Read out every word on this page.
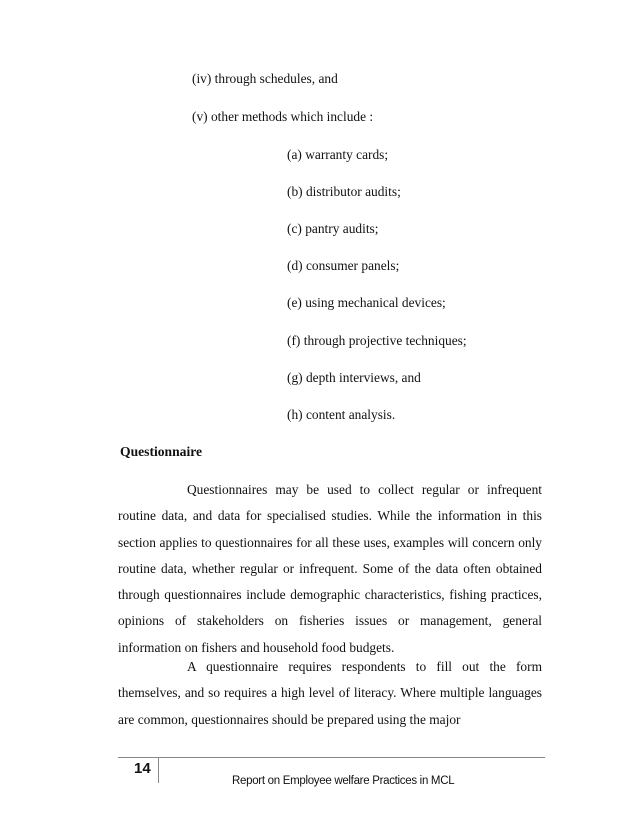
(iv) through schedules, and
(v) other methods which include :
(a) warranty cards;
(b) distributor audits;
(c) pantry audits;
(d) consumer panels;
(e) using mechanical devices;
(f) through projective techniques;
(g) depth interviews, and
(h) content analysis.
Questionnaire

Questionnaires may be used to collect regular or infrequent routine data, and data for specialised studies. While the information in this section applies to questionnaires for all these uses, examples will concern only routine data, whether regular or infrequent. Some of the data often obtained through questionnaires include demographic characteristics, fishing practices, opinions of stakeholders on fisheries issues or management, general information on fishers and household food budgets.

A questionnaire requires respondents to fill out the form themselves, and so requires a high level of literacy. Where multiple languages are common, questionnaires should be prepared using the major

14
Report on Employee welfare Practices in MCL
